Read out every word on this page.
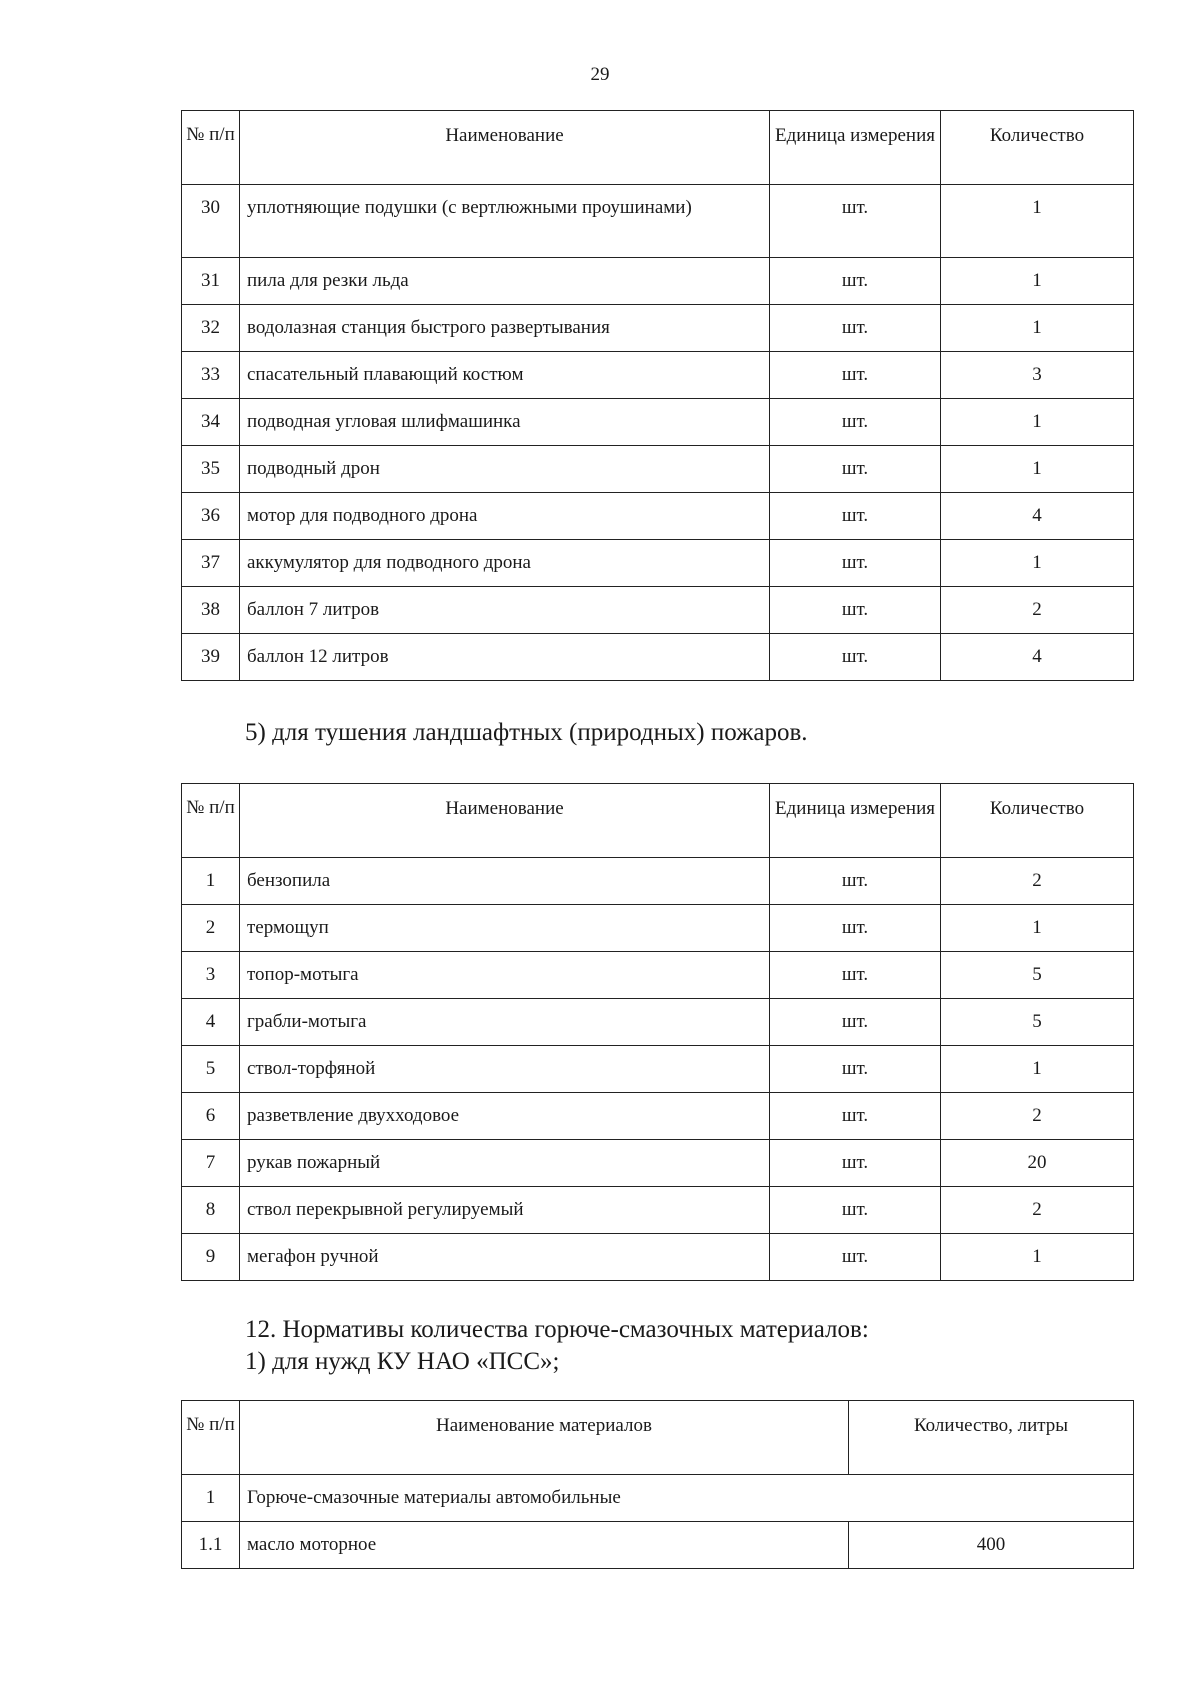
29
№ п/п	Наименование	Единица измерения	Количество
30	уплотняющие подушки (с вертлюжными проушинами)	шт.	1
31	пила для резки льда	шт.	1
32	водолазная станция быстрого развертывания	шт.	1
33	спасательный плавающий костюм	шт.	3
34	подводная угловая шлифмашинка	шт.	1
35	подводный дрон	шт.	1
36	мотор для подводного дрона	шт.	4
37	аккумулятор для подводного дрона	шт.	1
38	баллон 7 литров	шт.	2
39	баллон 12 литров	шт.	4
5) для тушения ландшафтных (природных) пожаров.
№ п/п	Наименование	Единица измерения	Количество
1	бензопила	шт.	2
2	термощуп	шт.	1
3	топор-мотыга	шт.	5
4	грабли-мотыга	шт.	5
5	ствол-торфяной	шт.	1
6	разветвление двухходовое	шт.	2
7	рукав пожарный	шт.	20
8	ствол перекрывной регулируемый	шт.	2
9	мегафон ручной	шт.	1
12. Нормативы количества горюче-смазочных материалов:
1) для нужд КУ НАО «ПСС»;
№ п/п	Наименование материалов	Количество, литры
1	Горюче-смазочные материалы автомобильные	
1.1	масло моторное	400
